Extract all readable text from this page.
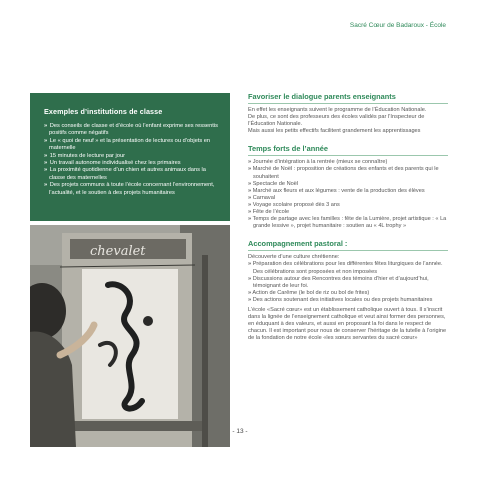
Sacré Cœur de Badaroux - École
Exemples d’institutions de classe
» Des conseils de classe et d’école où l’enfant exprime ses ressentis positifs comme négatifs
» Le « quoi de neuf » et la présentation de lectures ou d’objets en maternelle
» 15 minutes de lecture par jour
» Un travail autonome individualisé chez les primaires
» La proximité quotidienne d’un chien et autres animaux dans la classe des maternelles
» Des projets communs à toute l’école concernant l’environnement, l’actualité, et le soutien à des projets humanitaires
chevalet
Favoriser le dialogue parents enseignants

En effet les enseignants suivent le programme de l’Éducation Nationale.

De plus, ce sont des professeurs des écoles validés par l’Inspecteur de l’Éducation Nationale.

Mais aussi les petits effectifs facilitent grandement les apprentissages

Temps forts de l’année
» Journée d’intégration à la rentrée (mieux se connaître)
» Marché de Noël : proposition de créations des enfants et des parents qui le souhaitent
» Spectacle de Noël
» Marché aux fleurs et aux légumes : vente de la production des élèves
» Carnaval
» Voyage scolaire proposé dès 3 ans
» Fête de l’école
» Temps de partage avec les familles : fête de la Lumière, projet artistique : « La grande lessive », projet humanitaire : soutien au « 4L trophy »
Accompagnement pastoral :

Découverte d’une culture chrétienne:

» Préparation des célébrations pour les différentes fêtes liturgiques de l’année. Des célébrations sont proposées et non imposées
» Discussions autour des Rencontres des témoins d’hier et d’aujourd’hui, témoignant de leur foi.
» Action de Carême (le bol de riz ou bol de frites)
» Des actions soutenant des initiatives locales ou des projets humanitaires

L’école «Sacré cœur» est un établissement catholique ouvert à tous. Il s’inscrit dans la lignée de l’enseignement catholique et veut ainsi former des personnes, en éduquant à des valeurs, et aussi en proposant la foi dans le respect de chacun. Il est important pour nous de conserver l’héritage de la tutelle à l’origine de la fondation de notre école «les sœurs servantes du sacré cœur»

- 13 -
